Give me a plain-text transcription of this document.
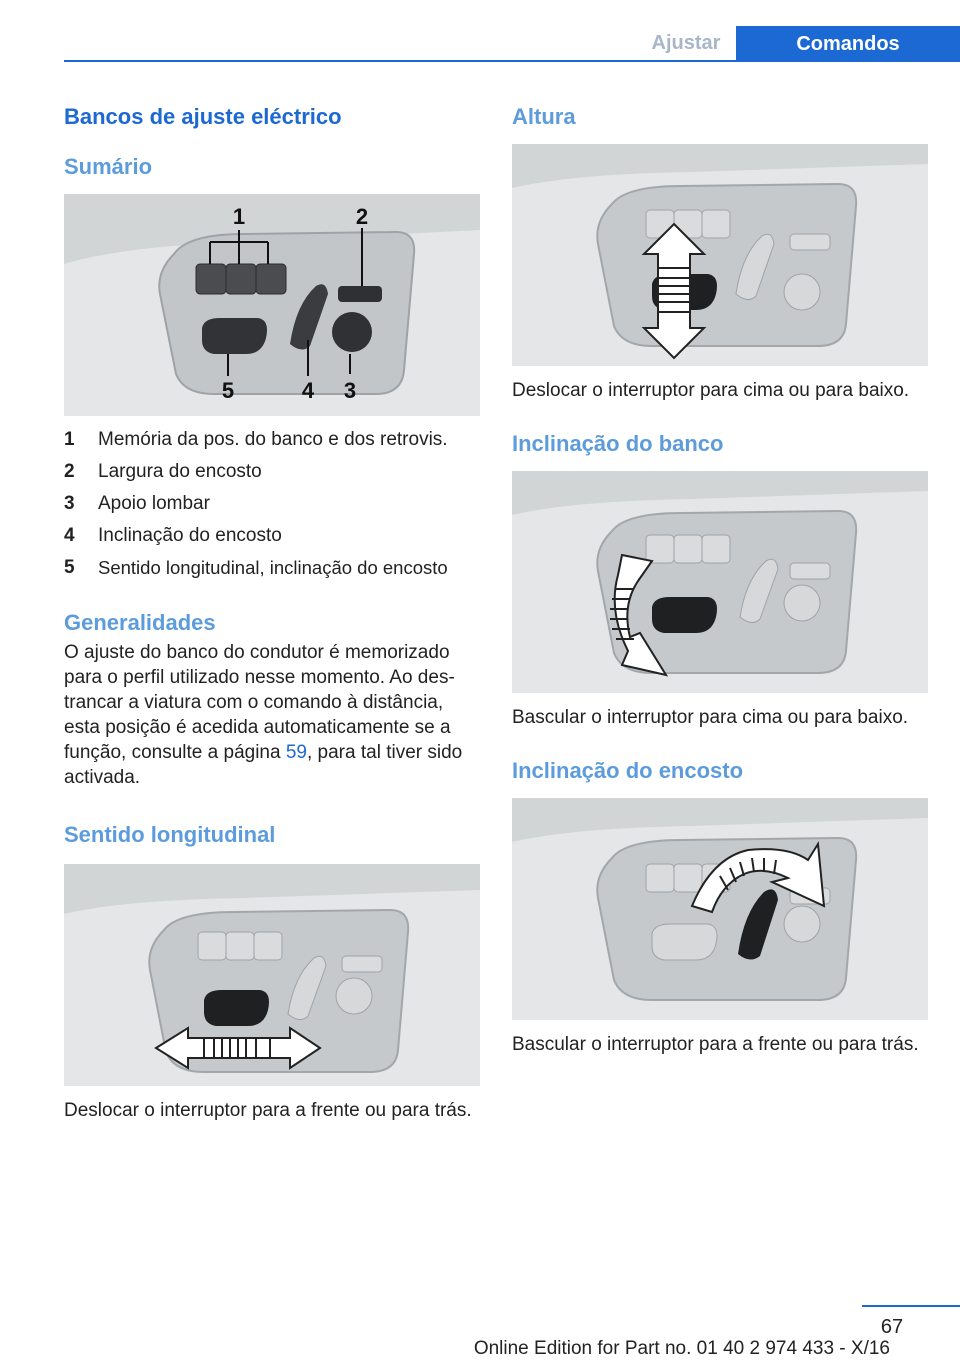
Ajustar	Comandos
Bancos de ajuste eléctrico
Sumário
1	2
3
4
5
1	Memória da pos. do banco e dos retrovis.
2	Largura do encosto
3	Apoio lombar
4	Inclinação do encosto
5	Sentido longitudinal, inclinação do encosto
Generalidades

O ajuste do banco do condutor é memorizado para o perfil utilizado nesse momento. Ao des‐trancar a viatura com o comando à distância, esta posição é acedida automaticamente se a função, consulte a página 59, para tal tiver sido activada.

Sentido longitudinal

Deslocar o interruptor para a frente ou para trás.

Altura

Deslocar o interruptor para cima ou para baixo.

Inclinação do banco

Bascular o interruptor para cima ou para baixo.

Inclinação do encosto

Bascular o interruptor para a frente ou para trás.

67
Online Edition for Part no. 01 40 2 974 433 - X/16
